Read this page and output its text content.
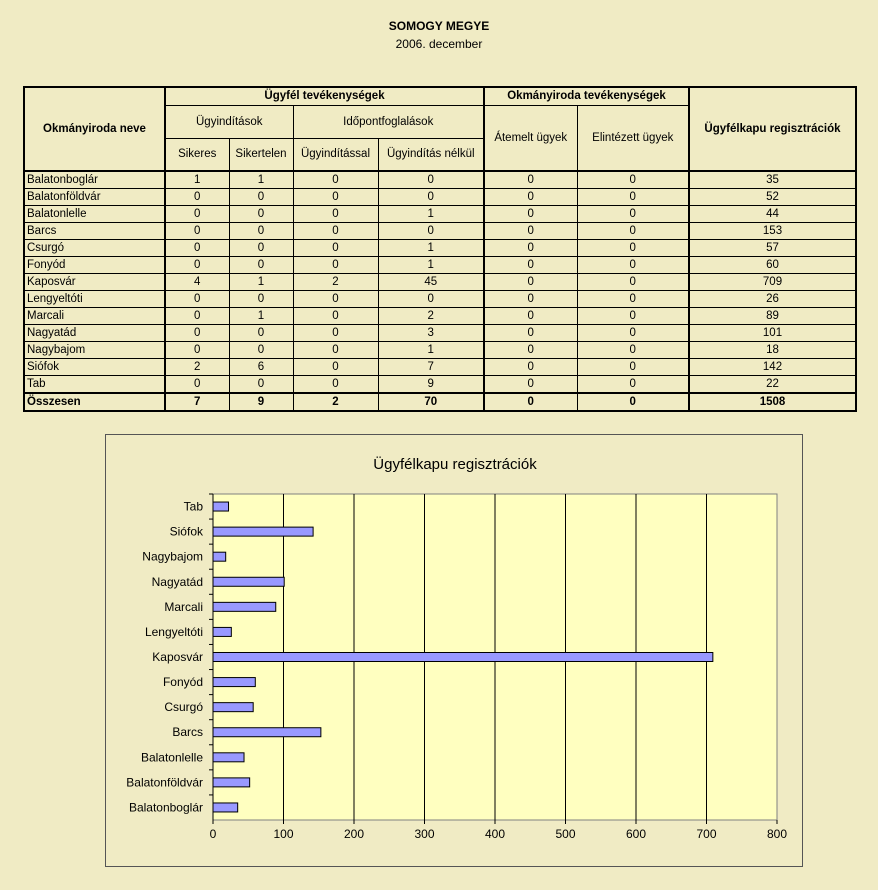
SOMOGY MEGYE
2006. december
Okmányiroda neve	Ügyfél tevékenységek				Okmányiroda tevékenységek		Ügyfélkapu regisztrációk
	Ügyindítások		Időpontfoglalások		Átemelt ügyek	Elintézett ügyek	
	Sikeres	Sikertelen	Ügyindítással	Ügyindítás nélkül			
Balatonboglár	1	1	0	0	0	0	35
Balatonföldvár	0	0	0	0	0	0	52
Balatonlelle	0	0	0	1	0	0	44
Barcs	0	0	0	0	0	0	153
Csurgó	0	0	0	1	0	0	57
Fonyód	0	0	0	1	0	0	60
Kaposvár	4	1	2	45	0	0	709
Lengyeltóti	0	0	0	0	0	0	26
Marcali	0	1	0	2	0	0	89
Nagyatád	0	0	0	3	0	0	101
Nagybajom	0	0	0	1	0	0	18
Siófok	2	6	0	7	0	0	142
Tab	0	0	0	9	0	0	22
Összesen	7	9	2	70	0	0	1508
Ügyfélkapu regisztrációk
0	100	200	300	400	500	600	700	800
Tab
Siófok
Nagybajom
Nagyatád
Marcali
Lengyeltóti
Kaposvár
Fonyód
Csurgó
Barcs
Balatonlelle
Balatonföldvár
Balatonboglár
